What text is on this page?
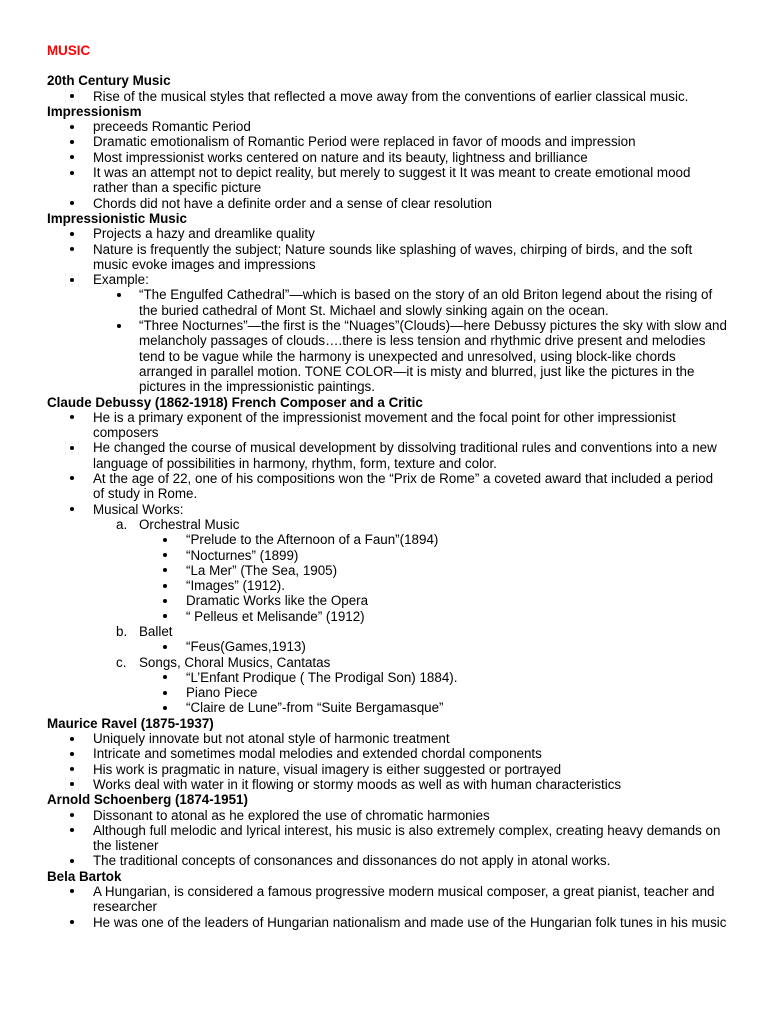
MUSIC
20th Century Music
Rise of the musical styles that reflected a move away from the conventions of earlier classical music.
Impressionism
preceeds Romantic Period
Dramatic emotionalism of Romantic Period were replaced in favor of moods and impression
Most impressionist works centered on nature and its beauty, lightness and brilliance
It was an attempt not to depict reality, but merely to suggest it It was meant to create emotional mood rather than a specific picture
Chords did not have a definite order and a sense of clear resolution
Impressionistic Music
Projects a hazy and dreamlike quality
Nature is frequently the subject; Nature sounds like splashing of waves, chirping of birds, and the soft music evoke images and impressions
Example:
“The Engulfed Cathedral”—which is based on the story of an old Briton legend about the rising of the buried cathedral of Mont St. Michael and slowly sinking again on the ocean.
“Three Nocturnes”—the first is the “Nuages”(Clouds)—here Debussy pictures the sky with slow and melancholy passages of clouds….there is less tension and rhythmic drive present and melodies tend to be vague while the harmony is unexpected and unresolved, using block-like chords arranged in parallel motion. TONE COLOR—it is misty and blurred, just like the pictures in the pictures in the impressionistic paintings.
Claude Debussy (1862-1918) French Composer and a Critic
He is a primary exponent of the impressionist movement and the focal point for other impressionist composers
He changed the course of musical development by dissolving traditional rules and conventions into a new language of possibilities in harmony, rhythm, form, texture and color.
At the age of 22, one of his compositions won the “Prix de Rome” a coveted award that included a period of study in Rome.
Musical Works:
a. Orchestral Music
“Prelude to the Afternoon of a Faun”(1894)
“Nocturnes” (1899)
“La Mer” (The Sea, 1905)
“Images” (1912).
Dramatic Works like the Opera
“ Pelleus et Melisande” (1912)
b. Ballet
“Feus(Games,1913)
c. Songs, Choral Musics, Cantatas
“L’Enfant Prodique ( The Prodigal Son) 1884).
Piano Piece
“Claire de Lune”-from “Suite Bergamasque”
Maurice Ravel (1875-1937)
Uniquely innovate but not atonal style of harmonic treatment
Intricate and sometimes modal melodies and extended chordal components
His work is pragmatic in nature, visual imagery is either suggested or portrayed
Works deal with water in it flowing or stormy moods as well as with human characteristics
Arnold Schoenberg (1874-1951)
Dissonant to atonal as he explored the use of chromatic harmonies
Although full melodic and lyrical interest, his music is also extremely complex, creating heavy demands on the listener
The traditional concepts of consonances and dissonances do not apply in atonal works.
Bela Bartok
A Hungarian, is considered a famous progressive modern musical composer, a great pianist, teacher and researcher
He was one of the leaders of Hungarian nationalism and made use of the Hungarian folk tunes in his music
